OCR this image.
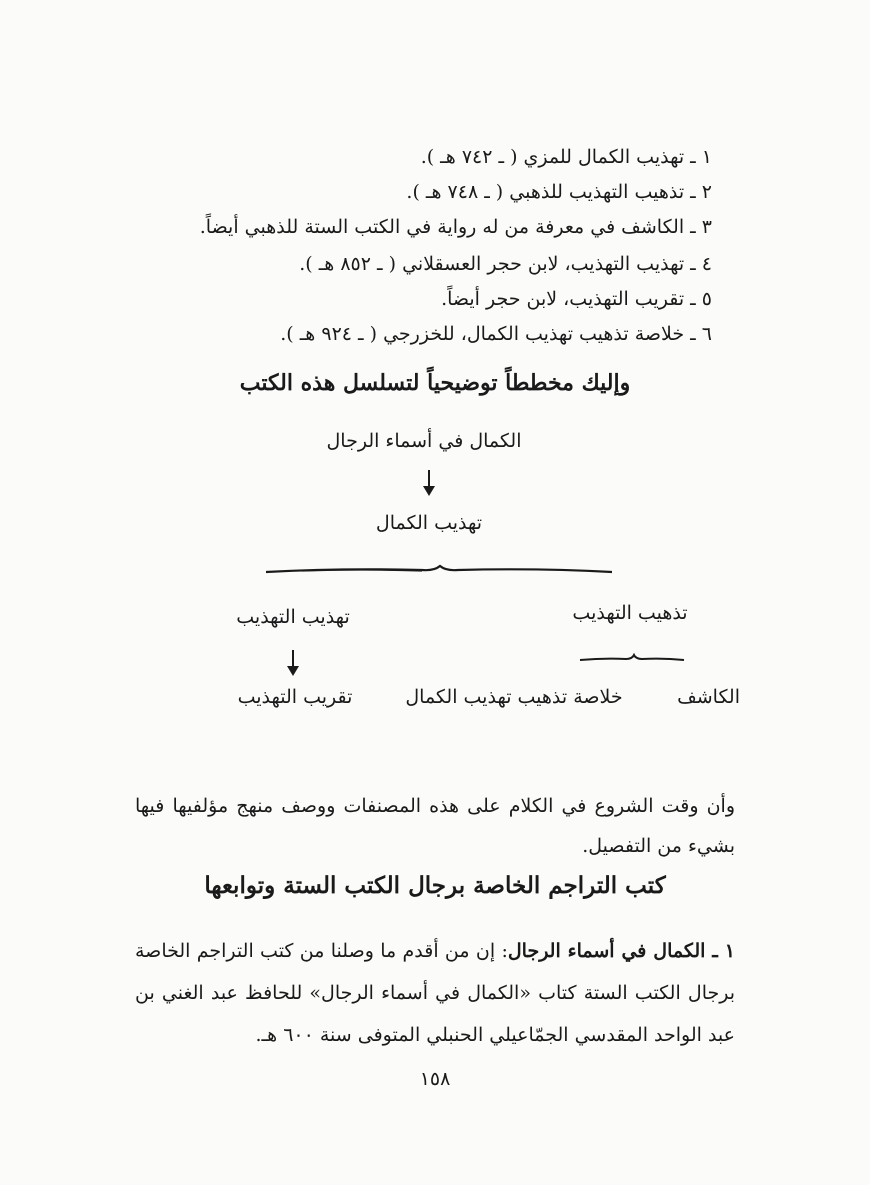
١ ـ تهذيب الكمال للمزي ( ـ ٧٤٢ هـ ).
٢ ـ تذهيب التهذيب للذهبي ( ـ ٧٤٨ هـ ).
٣ ـ الكاشف في معرفة من له رواية في الكتب الستة للذهبي أيضاً.
٤ ـ تهذيب التهذيب، لابن حجر العسقلاني ( ـ ٨٥٢ هـ ).
٥ ـ تقريب التهذيب، لابن حجر أيضاً.
٦ ـ خلاصة تذهيب تهذيب الكمال، للخزرجي ( ـ ٩٢٤ هـ ).
وإليك مخططاً توضيحياً لتسلسل هذه الكتب
الكمال في أسماء الرجال
تهذيب الكمال
تذهيب التهذيب
تهذيب التهذيب
الكاشف
خلاصة تذهيب تهذيب الكمال
تقريب التهذيب
وأن وقت الشروع في الكلام على هذه المصنفات ووصف منهج مؤلفيها فيها بشيء من التفصيل.
كتب التراجم الخاصة برجال الكتب الستة وتوابعها
١ ـ الكمال في أسماء الرجال: إن من أقدم ما وصلنا من كتب التراجم الخاصة برجال الكتب الستة كتاب «الكمال في أسماء الرجال» للحافظ عبد الغني بن عبد الواحد المقدسي الجمّاعيلي الحنبلي المتوفى سنة ٦٠٠ هـ.
١٥٨
